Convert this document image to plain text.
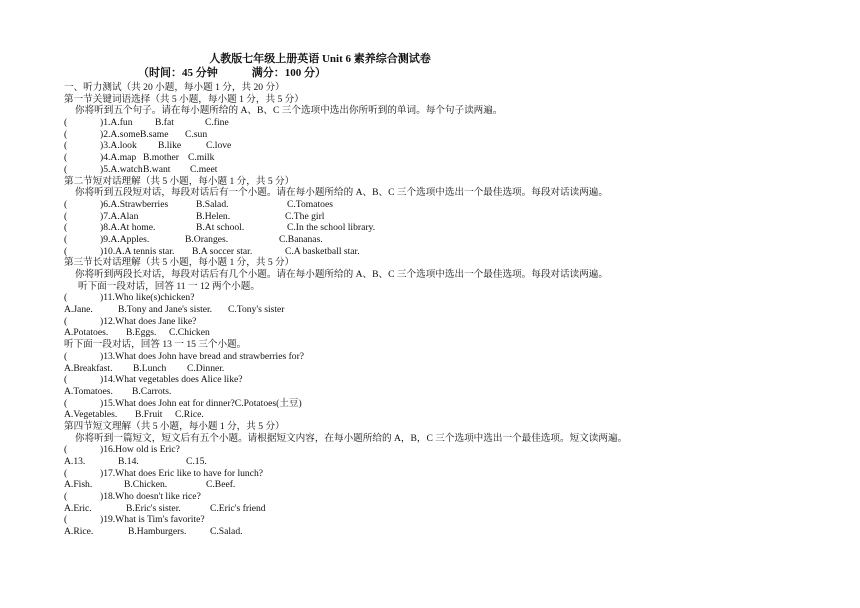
人教版七年级上册英语 Unit 6 素养综合测试卷
（时间：45 分钟	满分：100 分）
一、听力测试（共 20 小题，每小题 1 分，共 20 分）
第一节关键词语选择（共 5 小题，每小题 1 分，共 5 分）
你将听到五个句子。请在每小题所给的 A、B、C 三个选项中选出你所听到的单词。每个句子读两遍。
(	)1.A.fun B.fat	C.fine
(	)2.A.someB.same C.sun
(	)3.A.look B.like	C.love
(	)4.A.map B.mother C.milk
(	)5.A.watchB.want C.meet
第二节短对话理解（共 5 小题，每小题 1 分，共 5 分）
你将听到五段短对话，每段对话后有一个小题。请在每小题所给的 A、B、C 三个选项中选出一个最佳选项。每段对话读两遍。
(	)6.A.Strawberries	B.Salad.	C.Tomatoes
(	)7.A.Alan	B.Helen.	C.The girl
(	)8.A.At home.	B.At school.	C.In the school library.
(	)9.A.Apples.	B.Oranges.	C.Bananas.
(	)10.A.A tennis star. B.A soccer star.	C.A basketball star.
第三节长对话理解（共 5 小题，每小题 1 分，共 5 分）
你将听到两段长对话，每段对话后有几个小题。请在每小题所给的 A、B、C 三个选项中选出一个最佳选项。每段对话读两遍。
听下面一段对话，回答 11 一 12 两个小题。
(	)11.Who like(s)chicken?
A.Jane.	B.Tony and Jane's sister. C.Tony's sister
(	)12.What does Jane like?
A.Potatoes. B.Eggs. C.Chicken
听下面一段对话，回答 13 一 15 三个小题。
(	)13.What does John have bread and strawberries for?
A.Breakfast. B.Lunch C.Dinner.
(	)14.What vegetables does Alice like?
A.Tomatoes. B.Carrots.
(	)15.What does John eat for dinner?C.Potatoes(土豆)
A.Vegetables. B.Fruit C.Rice.
第四节短文理解（共 5 小题，每小题 1 分，共 5 分）
你将听到一篇短文，短文后有五个小题。请根据短文内容，在每小题所给的 A，B，C 三个选项中选出一个最佳选项。短文读两遍。
(	)16.How old is Eric?
A.13.	B.14.	C.15.
(	)17.What does Eric like to have for lunch?
A.Fish.	B.Chicken.	C.Beef.
(	)18.Who doesn't like rice?
A.Eric.	B.Eric's sister.	C.Eric's friend
(	)19.What is Tim's favorite?
A.Rice.	B.Hamburgers. C.Salad.
